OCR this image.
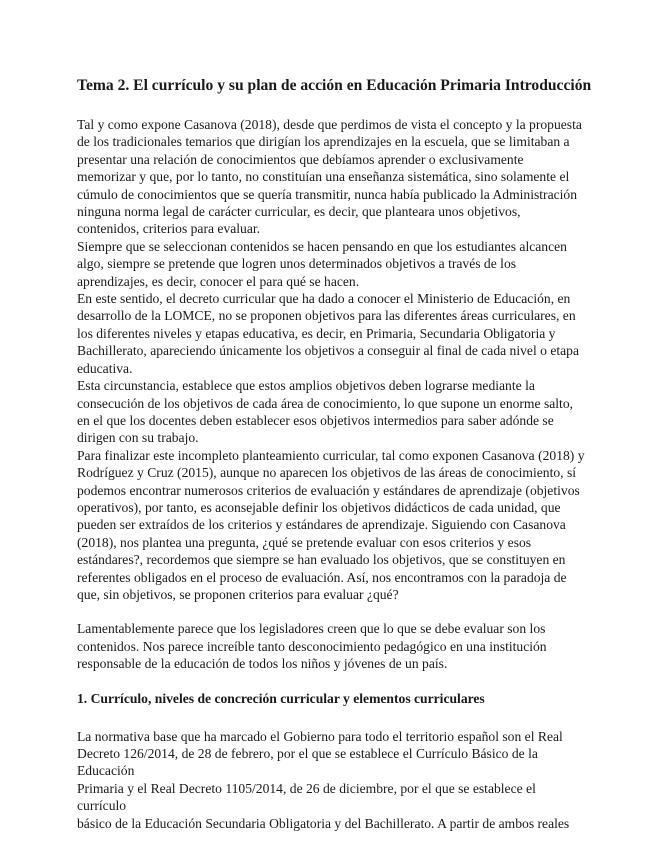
Tema 2. El currículo y su plan de acción en Educación Primaria Introducción

Tal y como expone Casanova (2018), desde que perdimos de vista el concepto y la propuesta de los tradicionales temarios que dirigían los aprendizajes en la escuela, que se limitaban a presentar una relación de conocimientos que debíamos aprender o exclusivamente memorizar y que, por lo tanto, no constituían una enseñanza sistemática, sino solamente el cúmulo de conocimientos que se quería transmitir, nunca había publicado la Administración ninguna norma legal de carácter curricular, es decir, que planteara unos objetivos, contenidos, criterios para evaluar.

Siempre que se seleccionan contenidos se hacen pensando en que los estudiantes alcancen algo, siempre se pretende que logren unos determinados objetivos a través de los aprendizajes, es decir, conocer el para qué se hacen.

En este sentido, el decreto curricular que ha dado a conocer el Ministerio de Educación, en desarrollo de la LOMCE, no se proponen objetivos para las diferentes áreas curriculares, en los diferentes niveles y etapas educativa, es decir, en Primaria, Secundaria Obligatoria y Bachillerato, apareciendo únicamente los objetivos a conseguir al final de cada nivel o etapa educativa.

Esta circunstancia, establece que estos amplios objetivos deben lograrse mediante la consecución de los objetivos de cada área de conocimiento, lo que supone un enorme salto, en el que los docentes deben establecer esos objetivos intermedios para saber adónde se dirigen con su trabajo.

Para finalizar este incompleto planteamiento curricular, tal como exponen Casanova (2018) y Rodríguez y Cruz (2015), aunque no aparecen los objetivos de las áreas de conocimiento, sí podemos encontrar numerosos criterios de evaluación y estándares de aprendizaje (objetivos operativos), por tanto, es aconsejable definir los objetivos didácticos de cada unidad, que pueden ser extraídos de los criterios y estándares de aprendizaje. Siguiendo con Casanova (2018), nos plantea una pregunta, ¿qué se pretende evaluar con esos criterios y esos estándares?, recordemos que siempre se han evaluado los objetivos, que se constituyen en referentes obligados en el proceso de evaluación. Así, nos encontramos con la paradoja de que, sin objetivos, se proponen criterios para evaluar ¿qué?

Lamentablemente parece que los legisladores creen que lo que se debe evaluar son los contenidos. Nos parece increíble tanto desconocimiento pedagógico en una institución responsable de la educación de todos los niños y jóvenes de un país.

1. Currículo, niveles de concreción curricular y elementos curriculares
La normativa base que ha marcado el Gobierno para todo el territorio español son el Real
Decreto 126/2014, de 28 de febrero, por el que se establece el Currículo Básico de la Educación
Primaria y el Real Decreto 1105/2014, de 26 de diciembre, por el que se establece el currículo
básico de la Educación Secundaria Obligatoria y del Bachillerato. A partir de ambos reales
